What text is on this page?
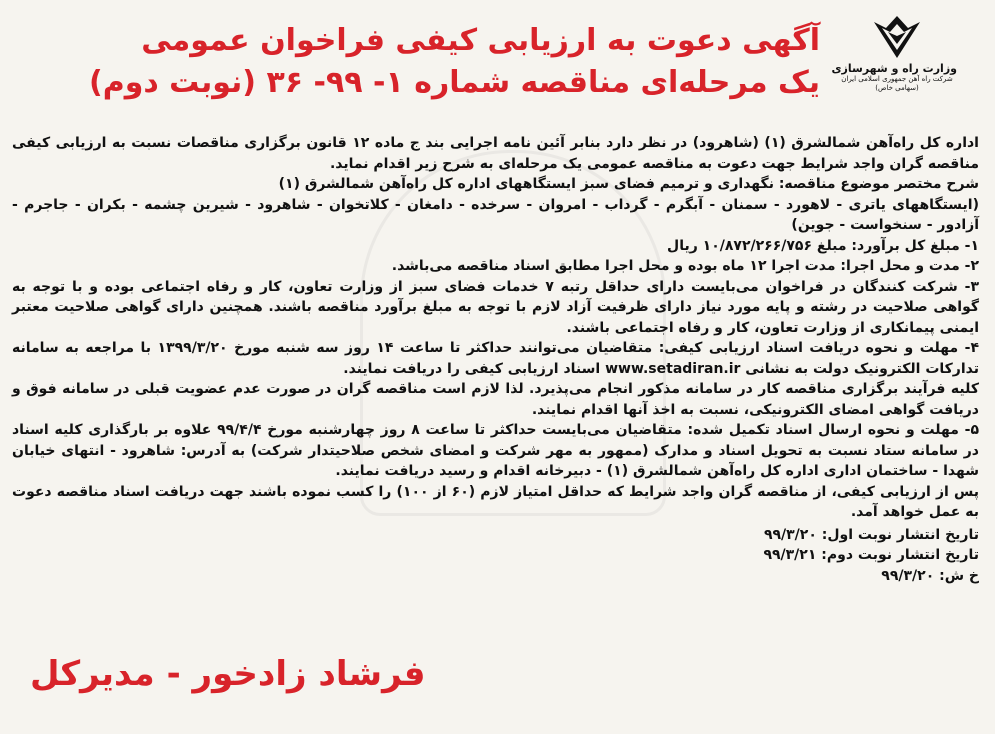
وزارت راه و شهرسازی
شرکت راه آهن جمهوری اسلامی ایران
(سهامی خاص)
آگهی دعوت به ارزیابی کیفی فراخوان عمومی
یک مرحله‌ای مناقصه شماره ۱- ۹۹- ۳۶ (نوبت دوم)

اداره کل راه‌آهن شمالشرق (۱) (شاهرود) در نظر دارد بنابر آئین نامه اجرایی بند ج ماده ۱۲ قانون برگزاری مناقصات نسبت به ارزیابی کیفی مناقصه گران واجد شرایط جهت دعوت به مناقصه عمومی یک مرحله‌ای به شرح زیر اقدام نماید.

شرح مختصر موضوع مناقصه: نگهداری و ترمیم فضای سبز ایستگاههای اداره کل راه‌آهن شمالشرق (۱)

(ایستگاههای یاتری - لاهورد - سمنان - آبگرم - گرداب - امروان - سرخده - دامغان - کلاتخوان - شاهرود - شیرین چشمه - بکران - جاجرم - آزادور - سنخواست - جوین)

۱- مبلغ کل برآورد: مبلغ ۱۰/۸۷۲/۲۶۶/۷۵۶ ریال

۲- مدت و محل اجرا: مدت اجرا ۱۲ ماه بوده و محل اجرا مطابق اسناد مناقصه می‌باشد.

۳- شرکت کنندگان در فراخوان می‌بایست دارای حداقل رتبه ۷ خدمات فضای سبز از وزارت تعاون، کار و رفاه اجتماعی بوده و با توجه به گواهی صلاحیت در رشته و پایه مورد نیاز دارای ظرفیت آزاد لازم با توجه به مبلغ برآورد مناقصه باشند. همچنین دارای گواهی صلاحیت معتبر ایمنی پیمانکاری از وزارت تعاون، کار و رفاه اجتماعی باشند.

۴- مهلت و نحوه دریافت اسناد ارزیابی کیفی: متقاضیان می‌توانند حداکثر تا ساعت ۱۴ روز سه شنبه مورخ ۱۳۹۹/۳/۲۰ با مراجعه به سامانه تدارکات الکترونیک دولت به نشانی www.setadiran.ir اسناد ارزیابی کیفی را دریافت نمایند.

کلیه فرآیند برگزاری مناقصه کار در سامانه مذکور انجام می‌پذیرد. لذا لازم است مناقصه گران در صورت عدم عضویت قبلی در سامانه فوق و دریافت گواهی امضای الکترونیکی، نسبت به اخذ آنها اقدام نمایند.

۵- مهلت و نحوه ارسال اسناد تکمیل شده: متقاضیان می‌بایست حداکثر تا ساعت ۸ روز چهارشنبه مورخ ۹۹/۴/۴ علاوه بر بارگذاری کلیه اسناد در سامانه ستاد نسبت به تحویل اسناد و مدارک (ممهور به مهر شرکت و امضای شخص صلاحیتدار شرکت) به آدرس: شاهرود - انتهای خیابان شهدا - ساختمان اداری اداره کل راه‌آهن شمالشرق (۱) - دبیرخانه اقدام و رسید دریافت نمایند.

پس از ارزیابی کیفی، از مناقصه گران واجد شرایط که حداقل امتیاز لازم (۶۰ از ۱۰۰) را کسب نموده باشند جهت دریافت اسناد مناقصه دعوت به عمل خواهد آمد.

تاریخ انتشار نوبت اول: ۹۹/۳/۲۰

تاریخ انتشار نوبت دوم: ۹۹/۳/۲۱

خ ش: ۹۹/۳/۲۰

فرشاد زادخور - مدیرکل
